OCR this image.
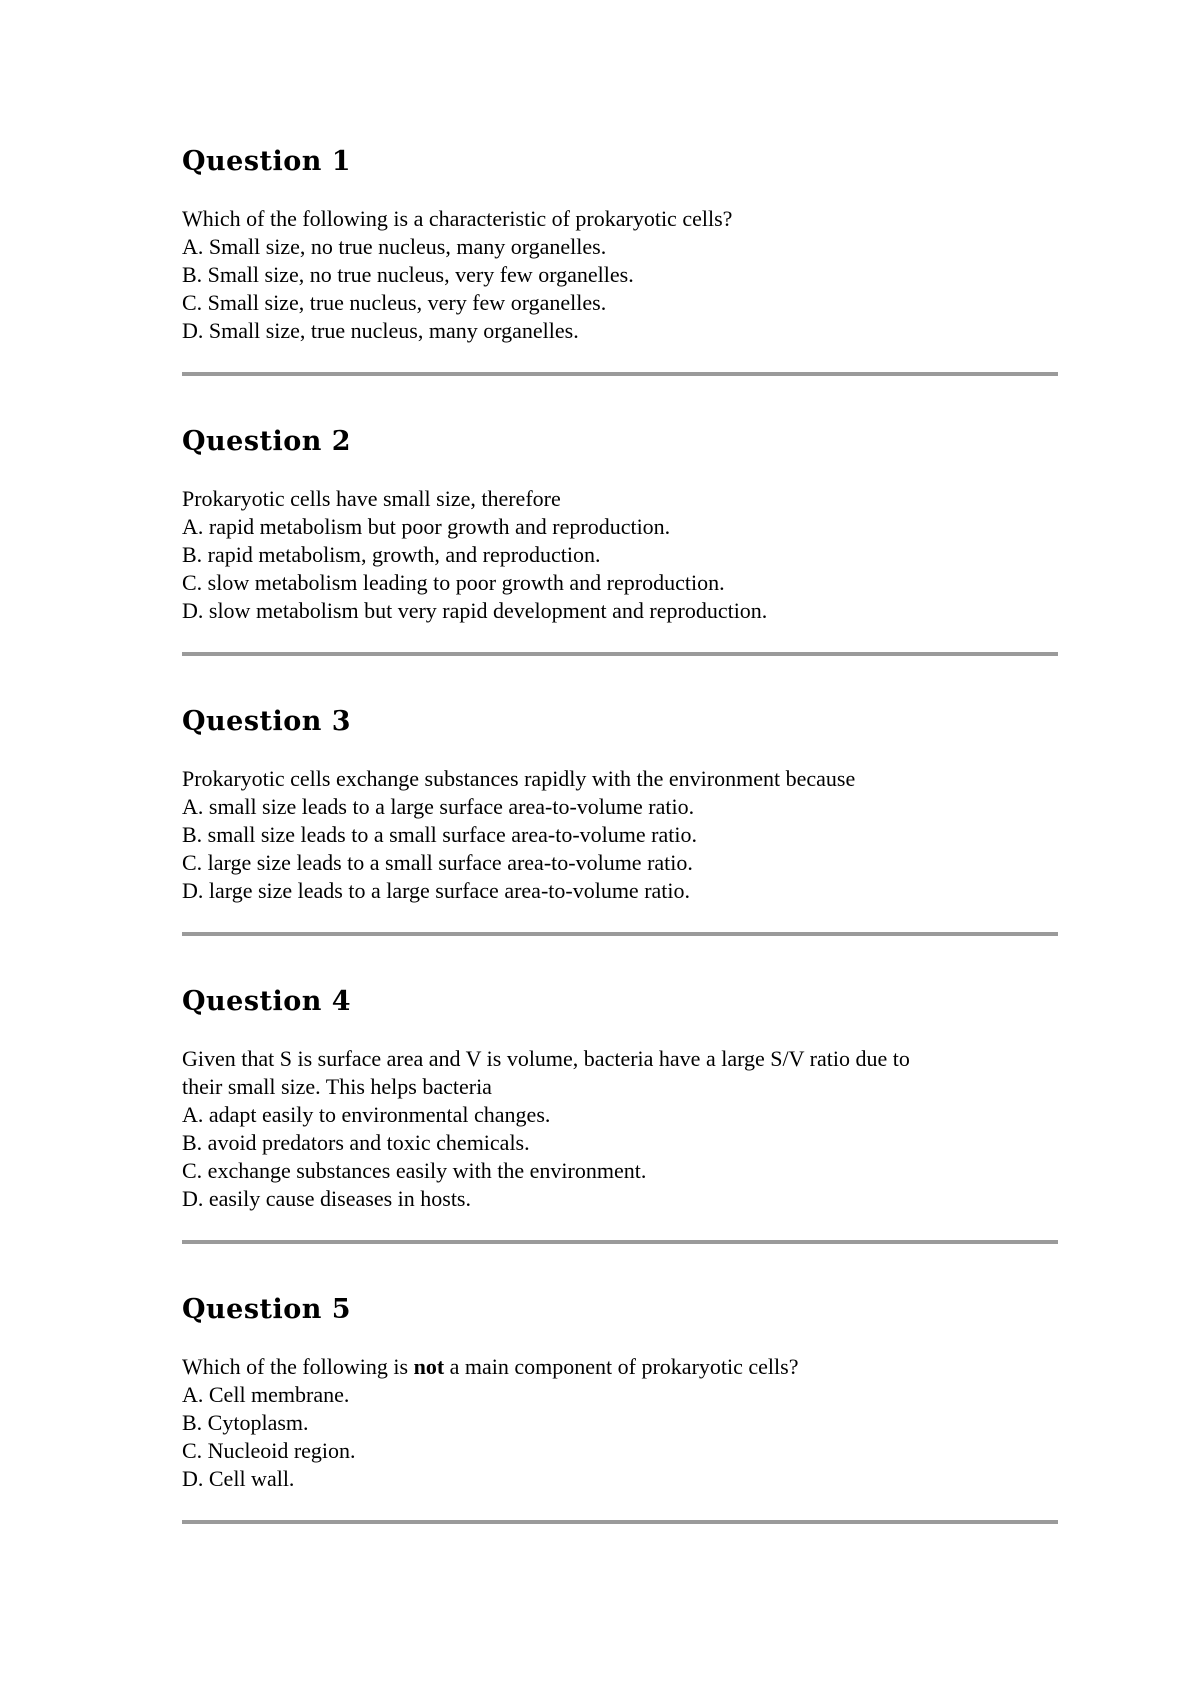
Question 1
Which of the following is a characteristic of prokaryotic cells?
A. Small size, no true nucleus, many organelles.
B. Small size, no true nucleus, very few organelles.
C. Small size, true nucleus, very few organelles.
D. Small size, true nucleus, many organelles.
Question 2
Prokaryotic cells have small size, therefore
A. rapid metabolism but poor growth and reproduction.
B. rapid metabolism, growth, and reproduction.
C. slow metabolism leading to poor growth and reproduction.
D. slow metabolism but very rapid development and reproduction.
Question 3
Prokaryotic cells exchange substances rapidly with the environment because
A. small size leads to a large surface area-to-volume ratio.
B. small size leads to a small surface area-to-volume ratio.
C. large size leads to a small surface area-to-volume ratio.
D. large size leads to a large surface area-to-volume ratio.
Question 4
Given that S is surface area and V is volume, bacteria have a large S/V ratio due to
their small size. This helps bacteria
A. adapt easily to environmental changes.
B. avoid predators and toxic chemicals.
C. exchange substances easily with the environment.
D. easily cause diseases in hosts.
Question 5
Which of the following is not a main component of prokaryotic cells?
A. Cell membrane.
B. Cytoplasm.
C. Nucleoid region.
D. Cell wall.
